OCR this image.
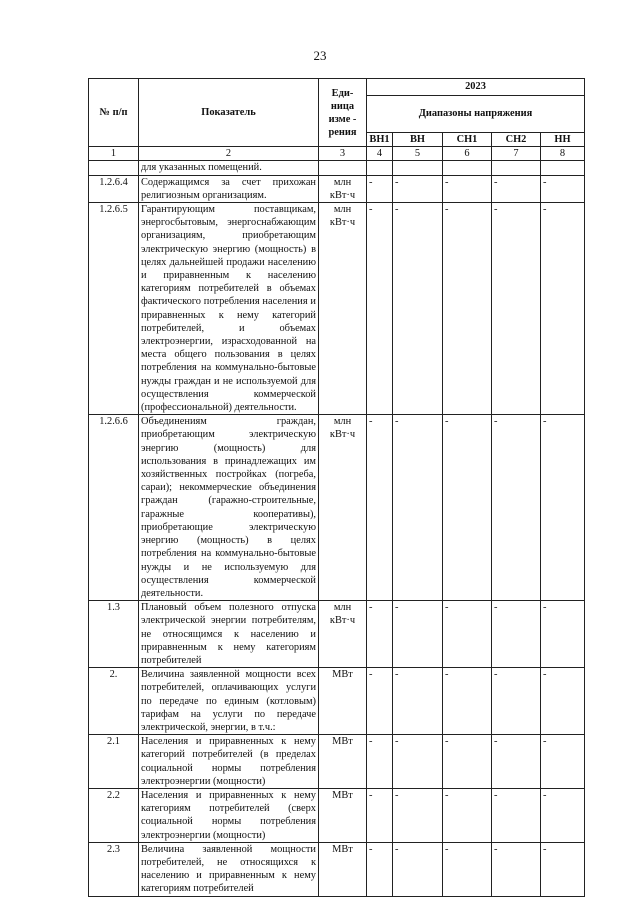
23
№ п/п	Показатель	Еди-ница изме - рения	2023				
			Диапазоны напряжения				
			ВН1	ВН	СН1	СН2	НН
1	2	3	4	5	6	7	8
	для указанных помещений.						
1.2.6.4	Содержащимся за счет прихожан религиозным организациям.	млн кВт·ч	-	-	-	-	-
1.2.6.5	Гарантирующим поставщикам, энергосбытовым, энергоснабжающим организациям, приобретающим электрическую энергию (мощность) в целях дальнейшей продажи населению и приравненным к населению категориям потребителей в объемах фактического потребления населения и приравненных к нему категорий потребителей, и объемах электроэнергии, израсходованной на места общего пользования в целях потребления на коммунально-бытовые нужды граждан и не используемой для осуществления коммерческой (профессиональной) деятельности.	млн кВт·ч	-	-	-	-	-
1.2.6.6	Объединениям граждан, приобретающим электрическую энергию (мощность) для использования в принадлежащих им хозяйственных постройках (погреба, сараи); некоммерческие объединения граждан (гаражно-строительные, гаражные кооперативы), приобретающие электрическую энергию (мощность) в целях потребления на коммунально-бытовые нужды и не используемую для осуществления коммерческой деятельности.	млн кВт·ч	-	-	-	-	-
1.3	Плановый объем полезного отпуска электрической энергии потребителям, не относящимся к населению и приравненным к нему категориям потребителей	млн кВт·ч	-	-	-	-	-
2.	Величина заявленной мощности всех потребителей, оплачивающих услуги по передаче по единым (котловым) тарифам на услуги по передаче электрической, энергии, в т.ч.:	МВт	-	-	-	-	-
2.1	Населения и приравненных к нему категорий потребителей (в пределах социальной нормы потребления электроэнергии (мощности)	МВт	-	-	-	-	-
2.2	Населения и приравненных к нему категориям потребителей (сверх социальной нормы потребления электроэнергии (мощности)	МВт	-	-	-	-	-
2.3	Величина заявленной мощности потребителей, не относящихся к населению и приравненным к нему категориям потребителей	МВт	-	-	-	-	-
